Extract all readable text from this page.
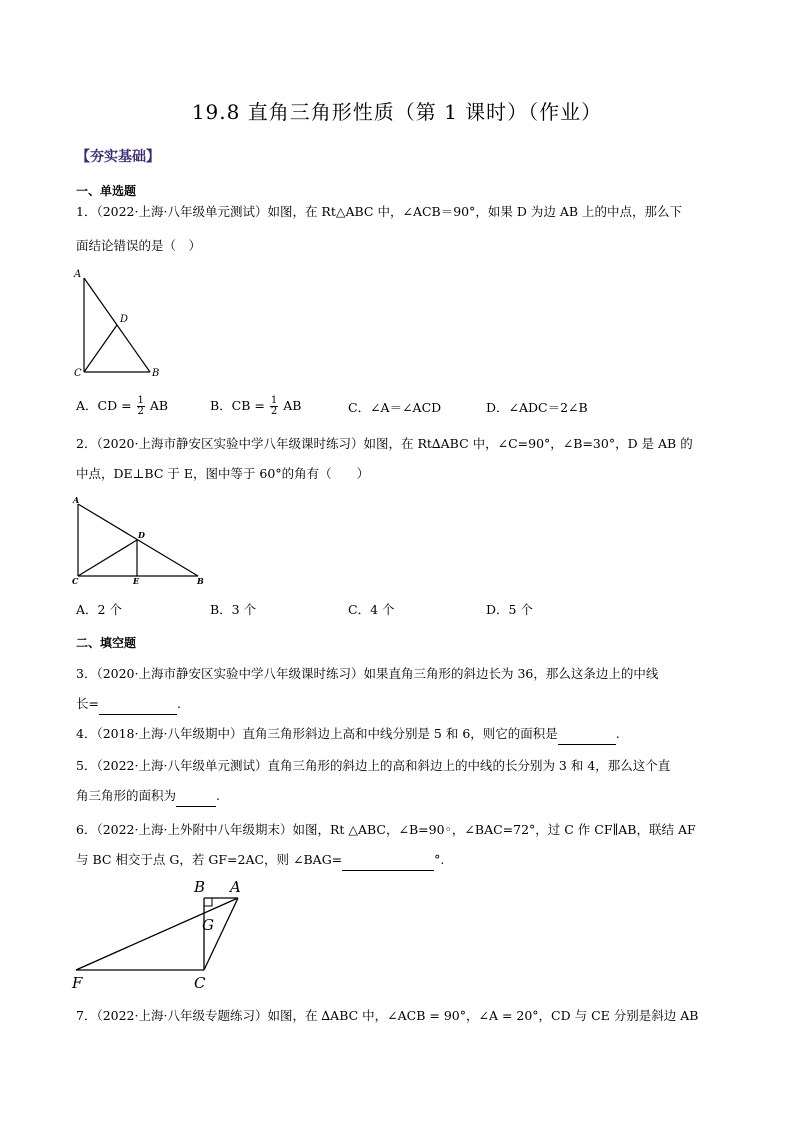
19.8 直角三角形性质（第 1 课时）（作业）
【夯实基础】
一、单选题
1．（2022·上海·八年级单元测试）如图，在 Rt△ABC 中，∠ACB＝90°，如果 D 为边 AB 上的中点，那么下
面结论错误的是（　）
A
D
C	B
A．CD = $\frac{1}{2}$ AB	B．CB = $\frac{1}{2}$ AB	C．∠A＝∠ACD	D．∠ADC＝2∠B
2．（2020·上海市静安区实验中学八年级课时练习）如图，在 Rt∆ABC 中，∠C=90°，∠B=30°，D 是 AB 的
中点，DE⊥BC 于 E，图中等于 60°的角有（　　）
A
D
C	E	B
A．2 个	B．3 个	C．4 个	D．5 个
二、填空题
3．（2020·上海市静安区实验中学八年级课时练习）如果直角三角形的斜边长为 36，那么这条边上的中线
长=	.
4．（2018·上海·八年级期中）直角三角形斜边上高和中线分别是 5 和 6，则它的面积是	.
5．（2022·上海·八年级单元测试）直角三角形的斜边上的高和斜边上的中线的长分别为 3 和 4，那么这个直
角三角形的面积为	.
6．（2022·上海·上外附中八年级期末）如图，Rt △ABC，∠B=90◦，∠BAC=72°，过 C 作 CF∥AB，联结 AF
与 BC 相交于点 G，若 GF=2AC，则 ∠BAG=	°.
B A
G
F	C
7．（2022·上海·八年级专题练习）如图，在 ∆ABC 中，∠ACB = 90°，∠A = 20°，CD 与 CE 分别是斜边 AB
